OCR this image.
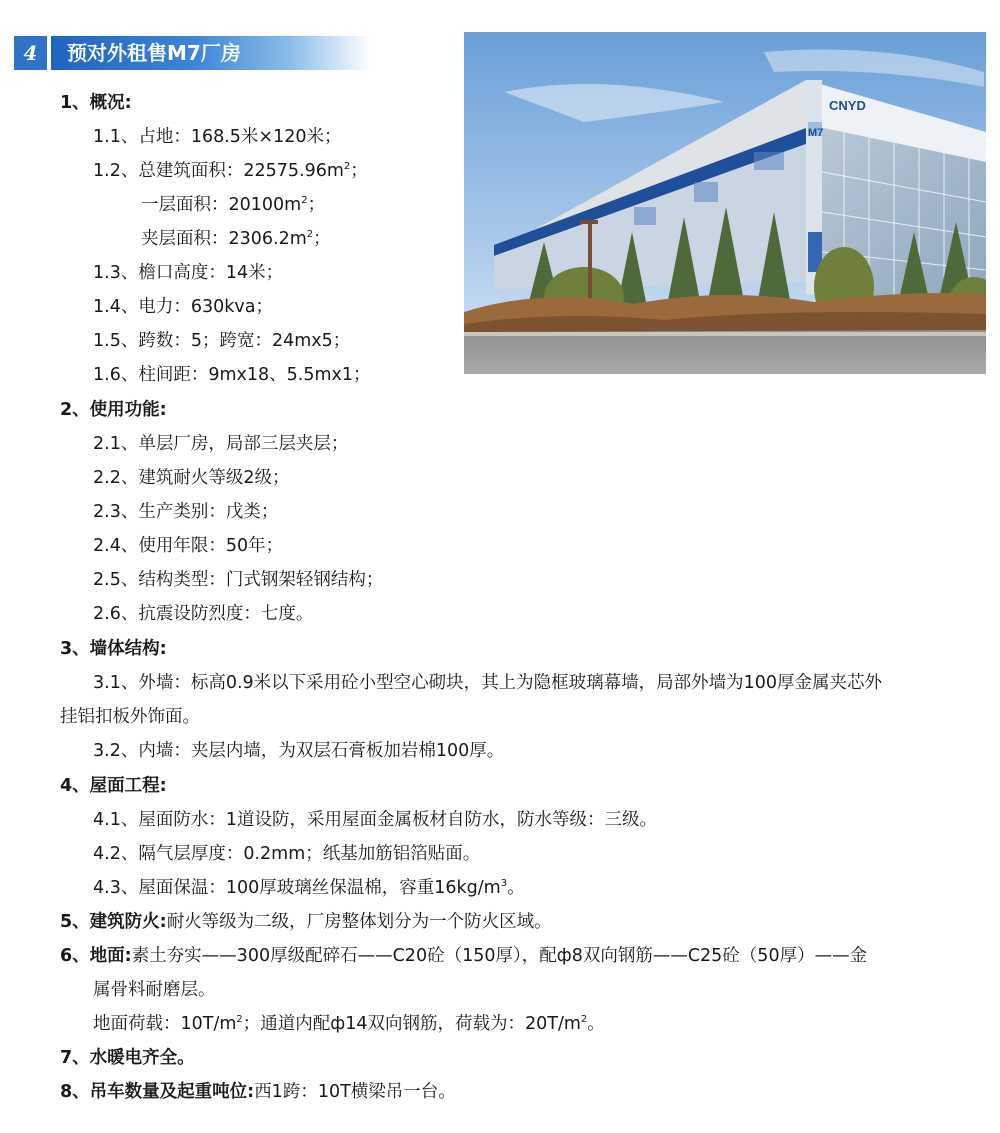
4	预对外租售M7厂房
CNYD
M7
1、概况:
1.1、占地：168.5米×120米；
1.2、总建筑面积：$22575.96m^2$；
一层面积：$20100m^2$；
夹层面积：$2306.2m^2$；
1.3、檐口高度：14米；
1.4、电力：630kva；
1.5、跨数：5；跨宽：24mx5；
1.6、柱间距：9mx18、5.5mx1；
2、使用功能:
2.1、单层厂房，局部三层夹层；
2.2、建筑耐火等级2级；
2.3、生产类别：戊类；
2.4、使用年限：50年；
2.5、结构类型：门式钢架轻钢结构；
2.6、抗震设防烈度：七度。
3、墙体结构:
3.1、外墙：标高0.9米以下采用砼小型空心砌块，其上为隐框玻璃幕墙，局部外墙为100厚金属夹芯外
挂铝扣板外饰面。
3.2、内墙：夹层内墙，为双层石膏板加岩棉100厚。
4、屋面工程:
4.1、屋面防水：1道设防，采用屋面金属板材自防水，防水等级：三级。
4.2、隔气层厚度：0.2mm；纸基加筋铝箔贴面。
4.3、屋面保温：100厚玻璃丝保温棉，容重$16kg/m^3$。
5、建筑防火:耐火等级为二级，厂房整体划分为一个防火区域。
6、地面:素土夯实——300厚级配碎石——C20砼（150厚），配ф8双向钢筋——C25砼（50厚）——金
属骨料耐磨层。
地面荷载：$10T/m^2$；通道内配ф14双向钢筋，荷载为：$20T/m^2$。
7、水暖电齐全。
8、吊车数量及起重吨位:西1跨：10T横梁吊一台。
